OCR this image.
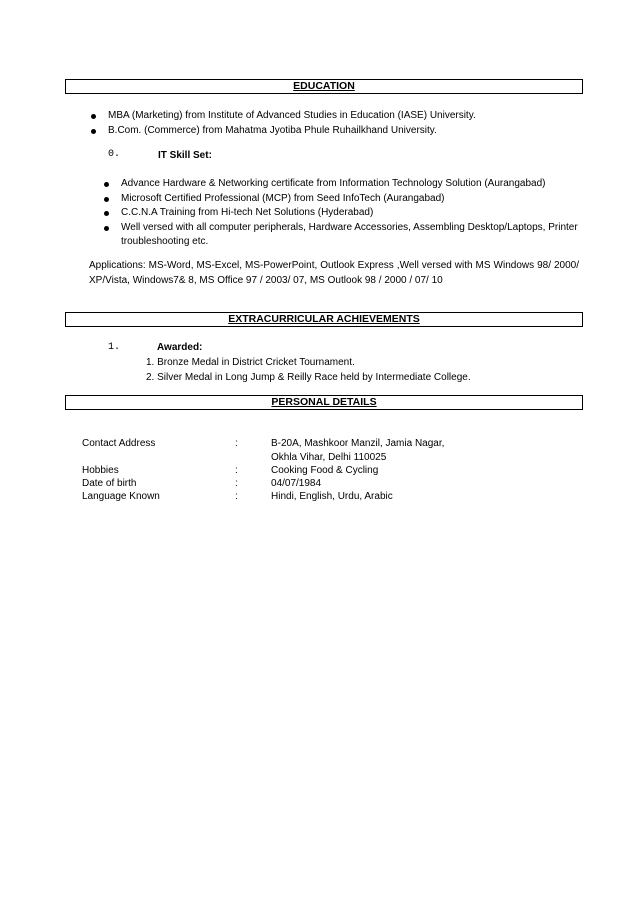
EDUCATION
MBA (Marketing) from Institute of Advanced Studies in Education (IASE) University.
B.Com. (Commerce) from Mahatma Jyotiba Phule Ruhailkhand University.
0.	IT Skill Set:
Advance Hardware & Networking certificate from Information Technology Solution (Aurangabad)
Microsoft Certified Professional (MCP) from Seed InfoTech (Aurangabad)
C.C.N.A Training from Hi-tech Net Solutions (Hyderabad)
Well versed with all computer peripherals, Hardware Accessories, Assembling Desktop/Laptops, Printer troubleshooting etc.
Applications: MS-Word, MS-Excel, MS-PowerPoint, Outlook Express ,Well versed with MS Windows 98/ 2000/ XP/Vista, Windows7& 8, MS Office 97 / 2003/ 07, MS Outlook 98 / 2000 / 07/ 10
EXTRACURRICULAR ACHIEVEMENTS
1.	Awarded:
1. Bronze Medal in District Cricket Tournament.
2. Silver Medal in Long Jump & Reilly Race held by Intermediate College.
PERSONAL DETAILS
Contact Address	:	B-20A, Mashkoor Manzil, Jamia Nagar,
Okhla Vihar, Delhi 110025
Hobbies	:	Cooking Food & Cycling
Date of birth	:	04/07/1984
Language Known	:	Hindi, English, Urdu, Arabic
